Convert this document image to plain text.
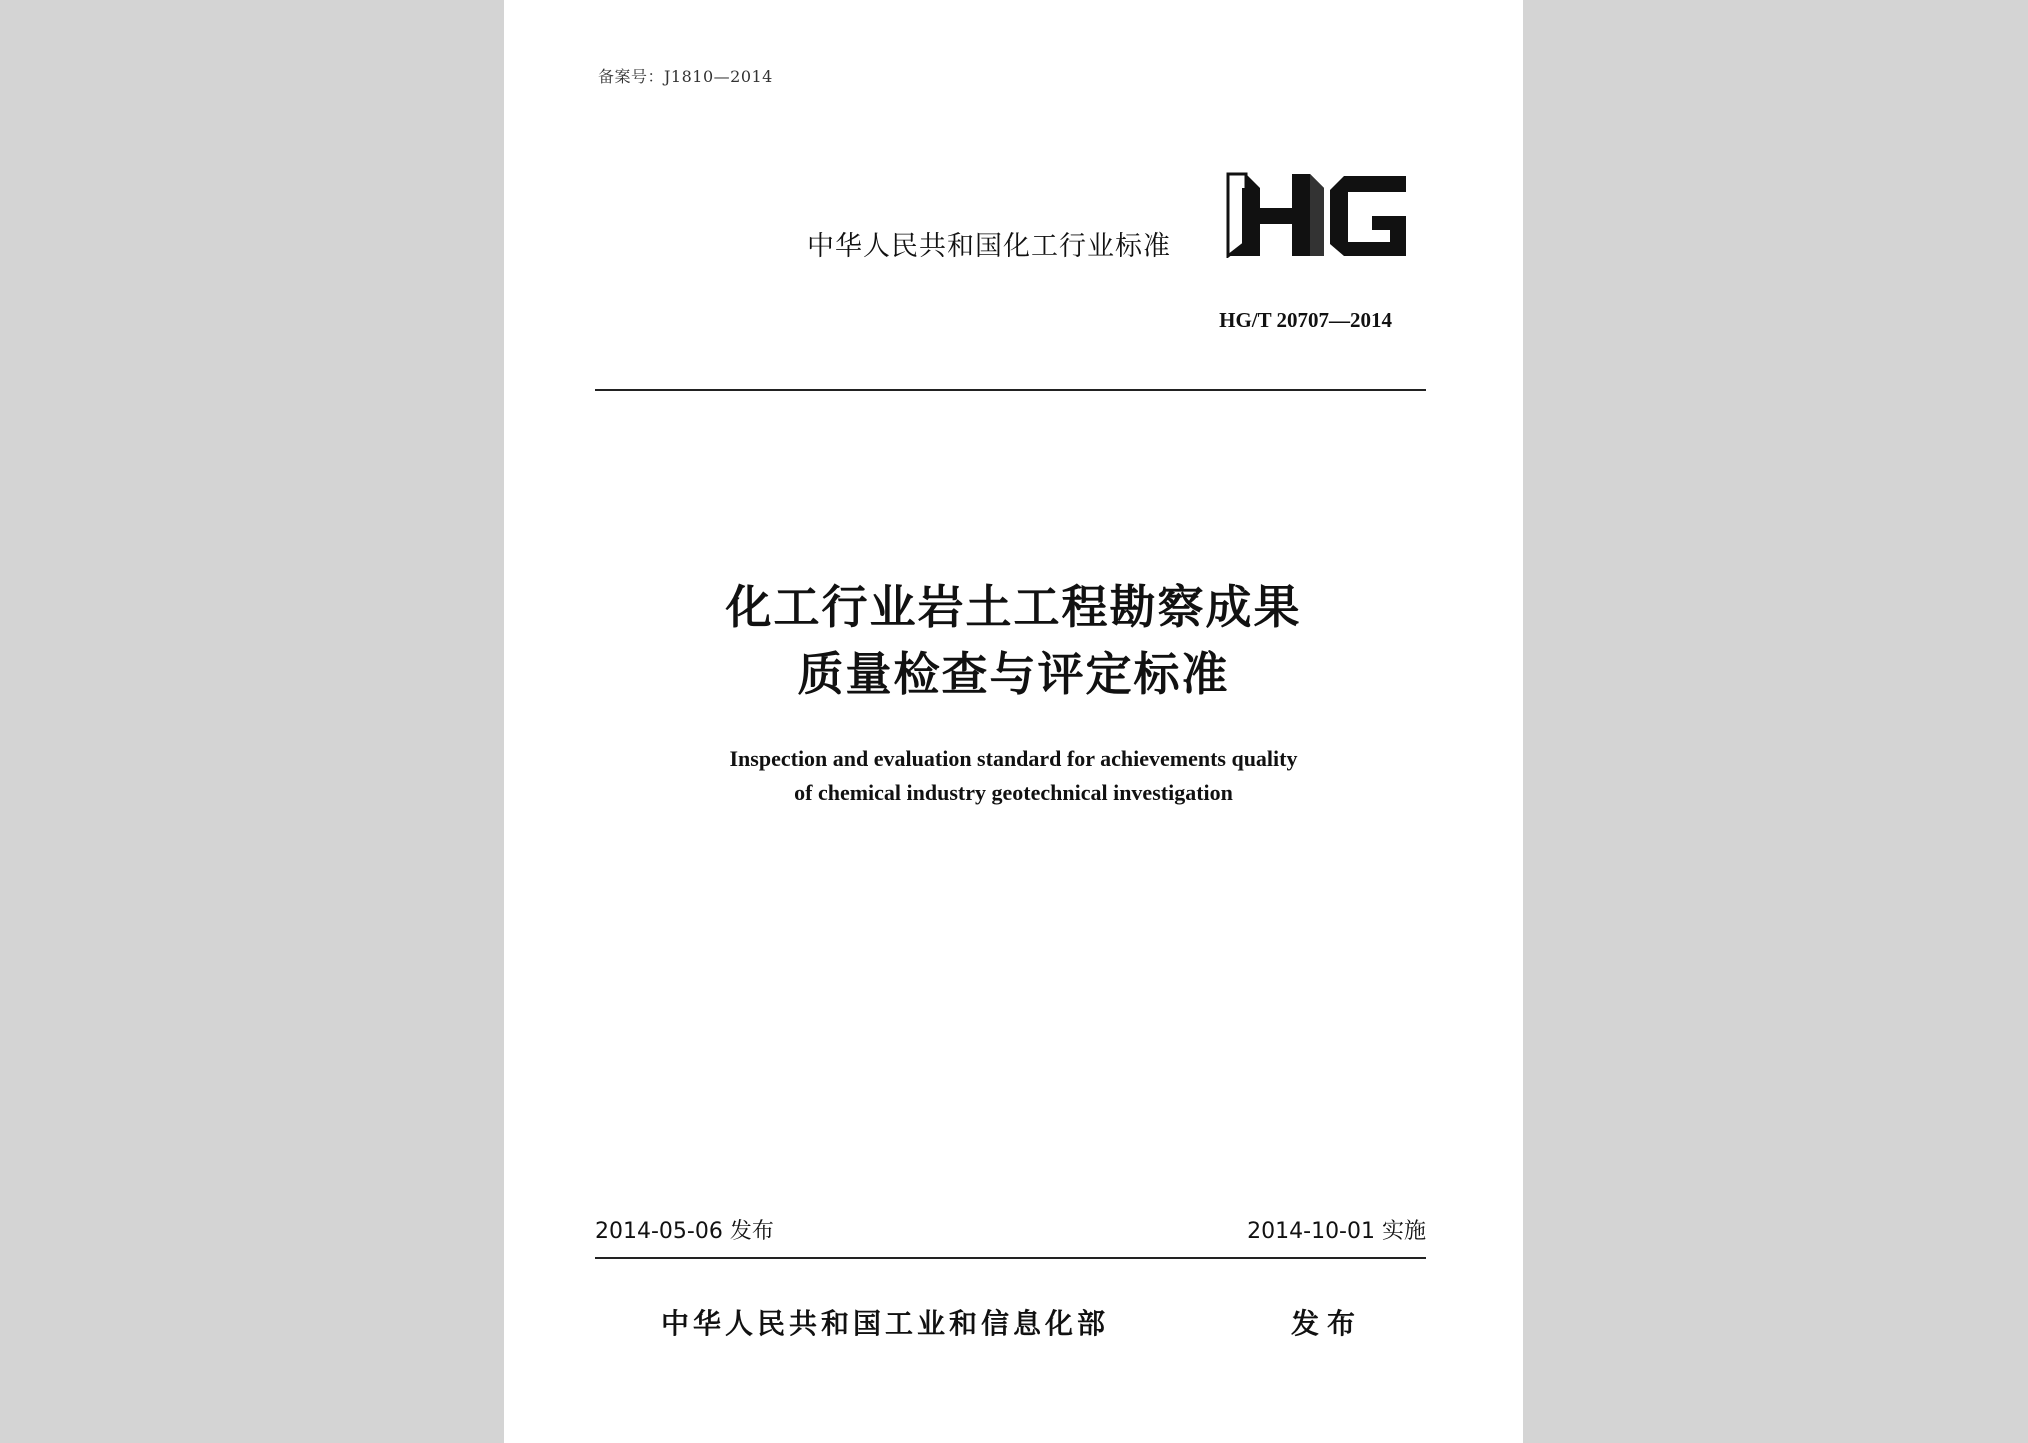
备案号：J1810—2014
中华人民共和国化工行业标准
HG/T 20707—2014
化工行业岩土工程勘察成果
质量检查与评定标准
Inspection and evaluation standard for achievements quality
of chemical industry geotechnical investigation
2014-05-06 发布	2014-10-01 实施
中华人民共和国工业和信息化部	发布
